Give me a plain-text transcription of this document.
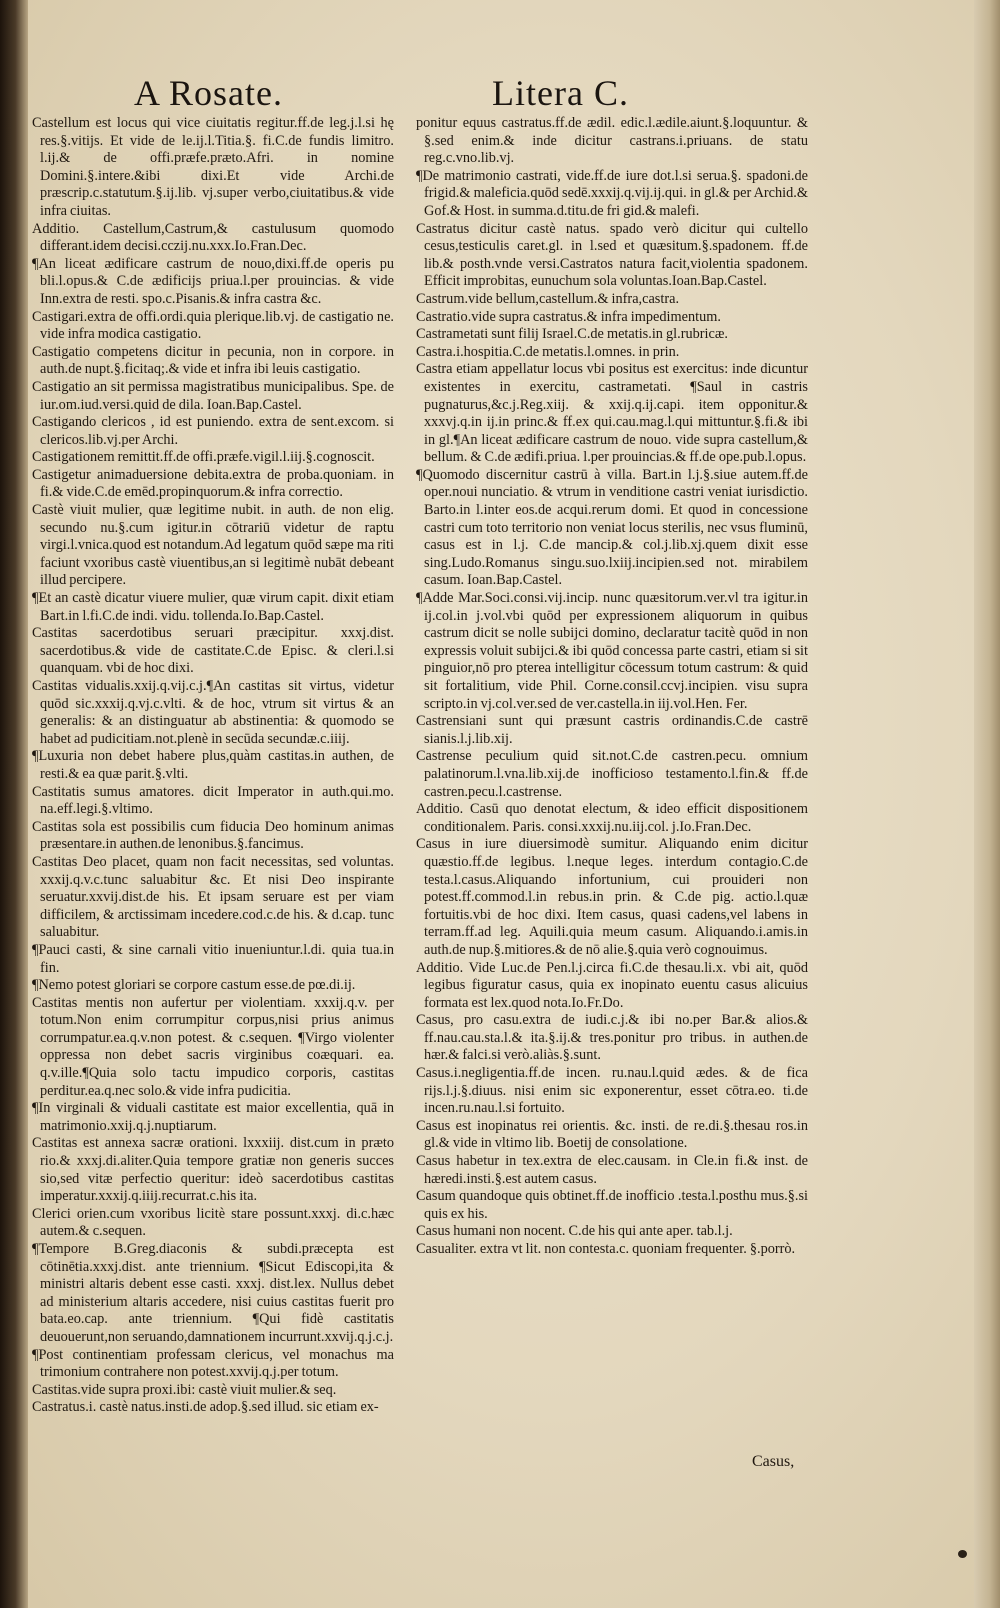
A Rosate.	Litera C.

Castellum est locus qui vice ciuitatis regitur.ff.de leg.j.l.si hę res.§.vitijs. Et vide de le.ij.l.Titia.§. fi.C.de fundis limitro. l.ij.& de offi.præfe.præto.Afri. in nomine Domini.§.intere.&ibi dixi.Et vide Archi.de præscrip.c.statutum.§.ij.lib. vj.super verbo,ciuitatibus.& vide infra ciuitas.

Additio. Castellum,Castrum,& castulusum quomodo differant.idem decisi.cczij.nu.xxx.Io.Fran.Dec.

¶An liceat ædificare castrum de nouo,dixi.ff.de operis pu bli.l.opus.& C.de ædificijs priua.l.per prouincias. & vide Inn.extra de resti. spo.c.Pisanis.& infra castra &c.

Castigari.extra de offi.ordi.quia plerique.lib.vj. de castigatio ne. vide infra modica castigatio.

Castigatio competens dicitur in pecunia, non in corpore. in auth.de nupt.§.ficitaq;.& vide et infra ibi leuis castigatio.

Castigatio an sit permissa magistratibus municipalibus. Spe. de iur.om.iud.versi.quid de dila. Ioan.Bap.Castel.

Castigando clericos , id est puniendo. extra de sent.excom. si clericos.lib.vj.per Archi.

Castigationem remittit.ff.de offi.præfe.vigil.l.iij.§.cognoscit.

Castigetur animaduersione debita.extra de proba.quoniam. in fi.& vide.C.de emēd.propinquorum.& infra correctio.

Castè viuit mulier, quæ legitime nubit. in auth. de non elig. secundo nu.§.cum igitur.in cōtrariū videtur de raptu virgi.l.vnica.quod est notandum.Ad legatum quōd sæpe ma riti faciunt vxoribus castè viuentibus,an si legitimè nubāt debeant illud percipere.

¶Et an castè dicatur viuere mulier, quæ virum capit. dixit etiam Bart.in l.fi.C.de indi. vidu. tollenda.Io.Bap.Castel.

Castitas sacerdotibus seruari præcipitur. xxxj.dist. sacerdotibus.& vide de castitate.C.de Episc. & cleri.l.si quanquam. vbi de hoc dixi.

Castitas vidualis.xxij.q.vij.c.j.¶An castitas sit virtus, videtur quōd sic.xxxij.q.vj.c.vlti. & de hoc, vtrum sit virtus & an generalis: & an distinguatur ab abstinentia: & quomodo se habet ad pudicitiam.not.plenè in secūda secundæ.c.iiij.

¶Luxuria non debet habere plus,quàm castitas.in authen, de resti.& ea quæ parit.§.vlti.

Castitatis sumus amatores. dicit Imperator in auth.qui.mo. na.eff.legi.§.vltimo.

Castitas sola est possibilis cum fiducia Deo hominum animas præsentare.in authen.de lenonibus.§.fancimus.

Castitas Deo placet, quam non facit necessitas, sed voluntas. xxxij.q.v.c.tunc saluabitur &c. Et nisi Deo inspirante seruatur.xxvij.dist.de his. Et ipsam seruare est per viam difficilem, & arctissimam incedere.cod.c.de his. & d.cap. tunc saluabitur.

¶Pauci casti, & sine carnali vitio inueniuntur.l.di. quia tua.in fin.

¶Nemo potest gloriari se corpore castum esse.de pœ.di.ij.

Castitas mentis non aufertur per violentiam. xxxij.q.v. per totum.Non enim corrumpitur corpus,nisi prius animus corrumpatur.ea.q.v.non potest. & c.sequen. ¶Virgo violenter oppressa non debet sacris virginibus coæquari. ea. q.v.ille.¶Quia solo tactu impudico corporis, castitas perditur.ea.q.nec solo.& vide infra pudicitia.

¶In virginali & viduali castitate est maior excellentia, quā in matrimonio.xxij.q.j.nuptiarum.

Castitas est annexa sacræ orationi. lxxxiij. dist.cum in præto rio.& xxxj.di.aliter.Quia tempore gratiæ non generis succes sio,sed vitæ perfectio queritur: ideò sacerdotibus castitas imperatur.xxxij.q.iiij.recurrat.c.his ita.

Clerici orien.cum vxoribus licitè stare possunt.xxxj. di.c.hæc autem.& c.sequen.

¶Tempore B.Greg.diaconis & subdi.præcepta est cōtinētia.xxxj.dist. ante triennium. ¶Sicut Ediscopi,ita & ministri altaris debent esse casti. xxxj. dist.lex. Nullus debet ad ministerium altaris accedere, nisi cuius castitas fuerit pro bata.eo.cap. ante triennium. ¶Qui fidè castitatis deuouerunt,non seruando,damnationem incurrunt.xxvij.q.j.c.j.

¶Post continentiam professam clericus, vel monachus ma trimonium contrahere non potest.xxvij.q.j.per totum.

Castitas.vide supra proxi.ibi: castè viuit mulier.& seq.

Castratus.i. castè natus.insti.de adop.§.sed illud. sic etiam ex-

ponitur equus castratus.ff.de ædil. edic.l.ædile.aiunt.§.loquuntur. & §.sed enim.& inde dicitur castrans.i.priuans. de statu reg.c.vno.lib.vj.

¶De matrimonio castrati, vide.ff.de iure dot.l.si serua.§. spadoni.de frigid.& maleficia.quōd sedē.xxxij.q.vij.ij.qui. in gl.& per Archid.& Gof.& Host. in summa.d.titu.de fri gid.& malefi.

Castratus dicitur castè natus. spado verò dicitur qui cultello cesus,testiculis caret.gl. in l.sed et quæsitum.§.spadonem. ff.de lib.& posth.vnde versi.Castratos natura facit,violentia spadonem. Efficit improbitas, eunuchum sola voluntas.Ioan.Bap.Castel.

Castrum.vide bellum,castellum.& infra,castra.

Castratio.vide supra castratus.& infra impedimentum.

Castrametati sunt filij Israel.C.de metatis.in gl.rubricæ.

Castra.i.hospitia.C.de metatis.l.omnes. in prin.

Castra etiam appellatur locus vbi positus est exercitus: inde dicuntur existentes in exercitu, castrametati. ¶Saul in castris pugnaturus,&c.j.Reg.xiij. & xxij.q.ij.capi. item opponitur.& xxxvj.q.in ij.in princ.& ff.ex qui.cau.mag.l.qui mittuntur.§.fi.& ibi in gl.¶An liceat ædificare castrum de nouo. vide supra castellum,& bellum. & C.de ædifi.priua. l.per prouincias.& ff.de ope.pub.l.opus.

¶Quomodo discernitur castrū à villa. Bart.in l.j.§.siue autem.ff.de oper.noui nunciatio. & vtrum in venditione castri veniat iurisdictio. Barto.in l.inter eos.de acqui.rerum domi. Et quod in concessione castri cum toto territorio non veniat locus sterilis, nec vsus fluminū, casus est in l.j. C.de mancip.& col.j.lib.xj.quem dixit esse sing.Ludo.Romanus singu.suo.lxiij.incipien.sed not. mirabilem casum. Ioan.Bap.Castel.

¶Adde Mar.Soci.consi.vij.incip. nunc quæsitorum.ver.vl tra igitur.in ij.col.in j.vol.vbi quōd per expressionem aliquorum in quibus castrum dicit se nolle subijci domino, declaratur tacitè quōd in non expressis voluit subijci.& ibi quōd concessa parte castri, etiam si sit pinguior,nō pro pterea intelligitur cōcessum totum castrum: & quid sit fortalitium, vide Phil. Corne.consil.ccvj.incipien. visu supra scripto.in vj.col.ver.sed de ver.castella.in iij.vol.Hen. Fer.

Castrensiani sunt qui præsunt castris ordinandis.C.de castrē sianis.l.j.lib.xij.

Castrense peculium quid sit.not.C.de castren.pecu. omnium palatinorum.l.vna.lib.xij.de inofficioso testamento.l.fin.& ff.de castren.pecu.l.castrense.

Additio. Casū quo denotat electum, & ideo efficit dispositionem conditionalem. Paris. consi.xxxij.nu.iij.col. j.Io.Fran.Dec.

Casus in iure diuersimodè sumitur. Aliquando enim dicitur quæstio.ff.de legibus. l.neque leges. interdum contagio.C.de testa.l.casus.Aliquando infortunium, cui prouideri non potest.ff.commod.l.in rebus.in prin. & C.de pig. actio.l.quæ fortuitis.vbi de hoc dixi. Item casus, quasi cadens,vel labens in terram.ff.ad leg. Aquili.quia meum casum. Aliquando.i.amis.in auth.de nup.§.mitiores.& de nō alie.§.quia verò cognouimus.

Additio. Vide Luc.de Pen.l.j.circa fi.C.de thesau.li.x. vbi ait, quōd legibus figuratur casus, quia ex inopinato euentu casus alicuius formata est lex.quod nota.Io.Fr.Do.

Casus, pro casu.extra de iudi.c.j.& ibi no.per Bar.& alios.& ff.nau.cau.sta.l.& ita.§.ij.& tres.ponitur pro tribus. in authen.de hær.& falci.si verò.aliàs.§.sunt.

Casus.i.negligentia.ff.de incen. ru.nau.l.quid ædes. & de fica rijs.l.j.§.diuus. nisi enim sic exponerentur, esset cōtra.eo. ti.de incen.ru.nau.l.si fortuito.

Casus est inopinatus rei orientis. &c. insti. de re.di.§.thesau ros.in gl.& vide in vltimo lib. Boetij de consolatione.

Casus habetur in tex.extra de elec.causam. in Cle.in fi.& inst. de hæredi.insti.§.est autem casus.

Casum quandoque quis obtinet.ff.de inofficio .testa.l.posthu mus.§.si quis ex his.

Casus humani non nocent. C.de his qui ante aper. tab.l.j.

Casualiter. extra vt lit. non contesta.c. quoniam frequenter. §.porrò.

Casus,
